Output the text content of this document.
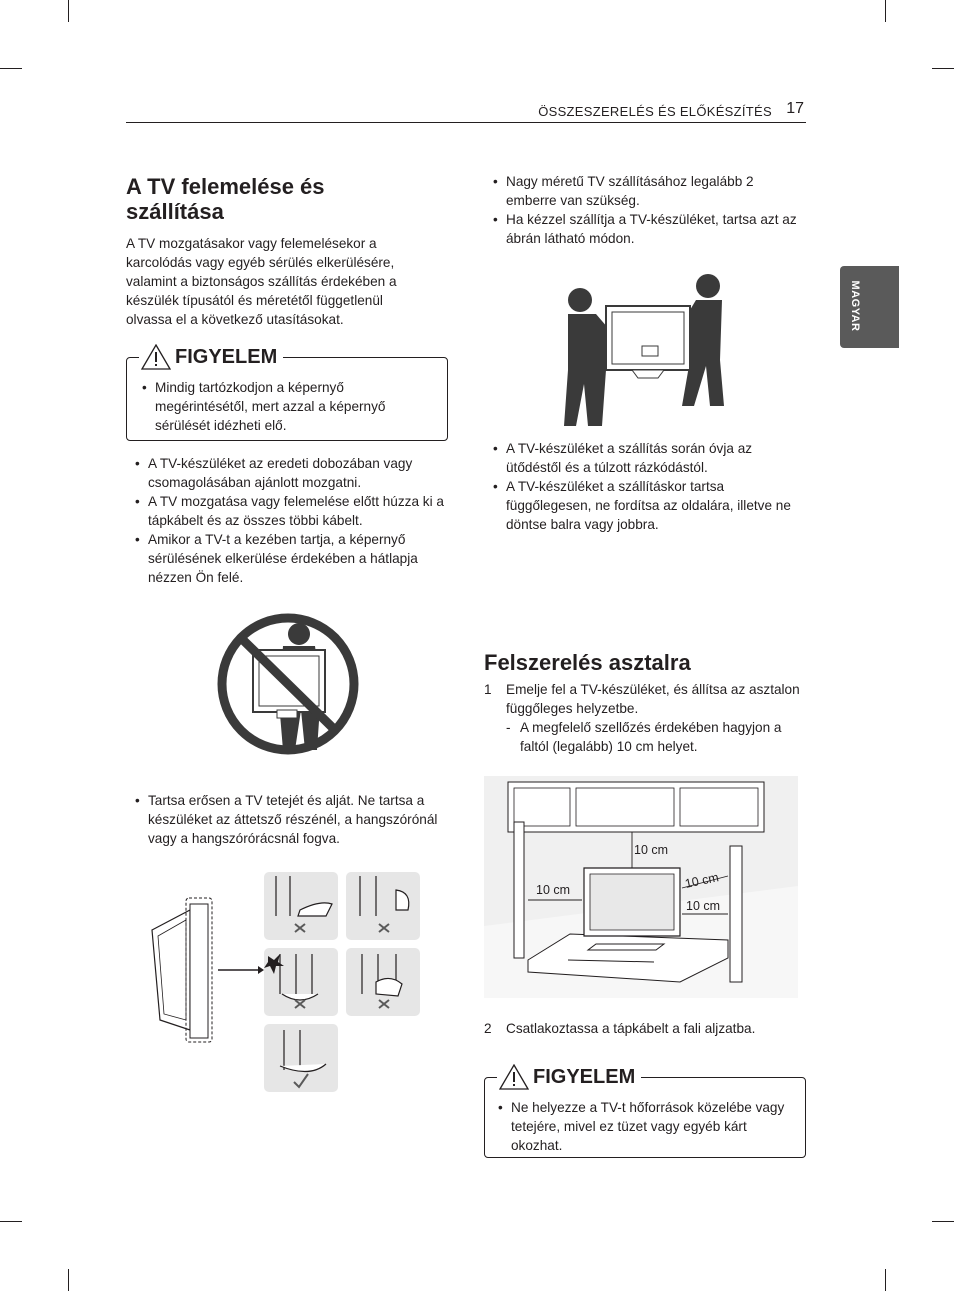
ÖSSZESZERELÉS ÉS ELŐKÉSZÍTÉS 17
MAGYAR
A TV felemelése és szállítása

A TV mozgatásakor vagy felemelésekor a karcolódás vagy egyéb sérülés elkerülésére, valamint a biztonságos szállítás érdekében a készülék típusától és méretétől függetlenül olvassa el a következő utasításokat.

FIGYELEM
• Mindig tartózkodjon a képernyő megérintésétől, mert azzal a képernyő sérülését idézheti elő.
• A TV-készüléket az eredeti dobozában vagy csomagolásában ajánlott mozgatni.
• A TV mozgatása vagy felemelése előtt húzza ki a tápkábelt és az összes többi kábelt.
• Amikor a TV-t a kezében tartja, a képernyő sérülésének elkerülése érdekében a hátlapja nézzen Ön felé.
• Tartsa erősen a TV tetejét és alját. Ne tartsa a készüléket az áttetsző részénél, a hangszórónál vagy a hangszórórácsnál fogva.
• Nagy méretű TV szállításához legalább 2 emberre van szükség.
• Ha kézzel szállítja a TV-készüléket, tartsa azt az ábrán látható módon.
• A TV-készüléket a szállítás során óvja az ütődéstől és a túlzott rázkódástól.
• A TV-készüléket a szállításkor tartsa függőlegesen, ne fordítsa az oldalára, illetve ne döntse balra vagy jobbra.
Felszerelés asztalra
1 Emelje fel a TV-készüléket, és állítsa az asztalon függőleges helyzetbe.
- A megfelelő szellőzés érdekében hagyjon a faltól (legalább) 10 cm helyet.
10 cm
10 cm	10 cm
10 cm
2 Csatlakoztassa a tápkábelt a fali aljzatba.
FIGYELEM
• Ne helyezze a TV-t hőforrások közelébe vagy tetejére, mivel ez tüzet vagy egyéb kárt okozhat.
